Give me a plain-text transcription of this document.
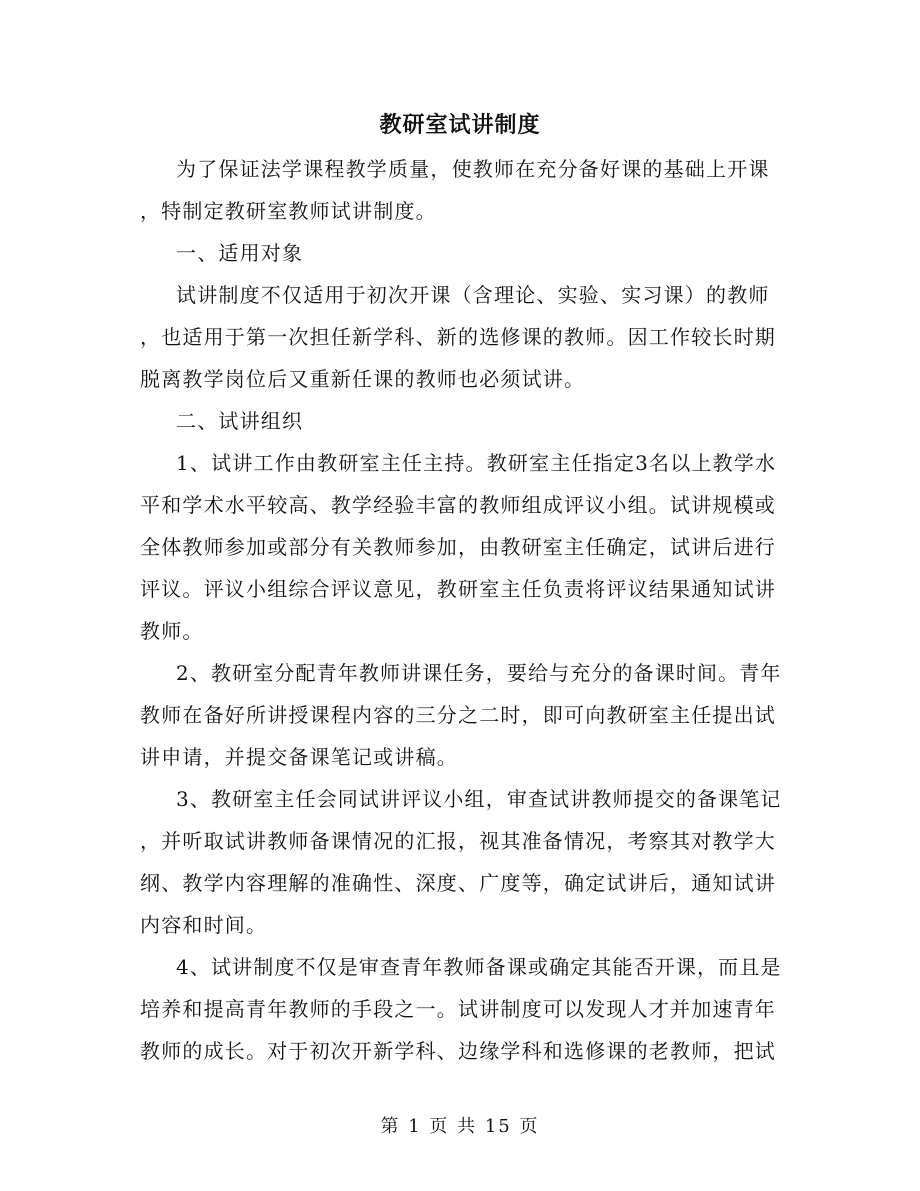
教研室试讲制度
为了保证法学课程教学质量，使教师在充分备好课的基础上开课
，特制定教研室教师试讲制度。
一、适用对象
试讲制度不仅适用于初次开课（含理论、实验、实习课）的教师
，也适用于第一次担任新学科、新的选修课的教师。因工作较长时期
脱离教学岗位后又重新任课的教师也必须试讲。
二、试讲组织
1、试讲工作由教研室主任主持。教研室主任指定3名以上教学水
平和学术水平较高、教学经验丰富的教师组成评议小组。试讲规模或
全体教师参加或部分有关教师参加，由教研室主任确定，试讲后进行
评议。评议小组综合评议意见，教研室主任负责将评议结果通知试讲
教师。
2、教研室分配青年教师讲课任务，要给与充分的备课时间。青年
教师在备好所讲授课程内容的三分之二时，即可向教研室主任提出试
讲申请，并提交备课笔记或讲稿。
3、教研室主任会同试讲评议小组，审查试讲教师提交的备课笔记
，并听取试讲教师备课情况的汇报，视其准备情况，考察其对教学大
纲、教学内容理解的准确性、深度、广度等，确定试讲后，通知试讲
内容和时间。
4、试讲制度不仅是审查青年教师备课或确定其能否开课，而且是
培养和提高青年教师的手段之一。试讲制度可以发现人才并加速青年
教师的成长。对于初次开新学科、边缘学科和选修课的老教师，把试
第 1 页 共 15 页
